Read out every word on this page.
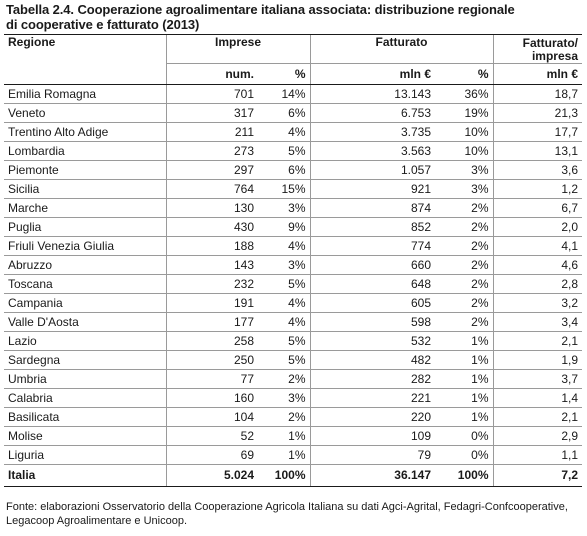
Tabella 2.4. Cooperazione agroalimentare italiana associata: distribuzione regionale
di cooperative e fatturato (2013)
Regione	Imprese		Fatturato		Fatturato/
impresa

	num.	%	mln €	%	mln €
Emilia Romagna	701	14%	13.143	36%	18,7
Veneto	317	6%	6.753	19%	21,3
Trentino Alto Adige	211	4%	3.735	10%	17,7
Lombardia	273	5%	3.563	10%	13,1
Piemonte	297	6%	1.057	3%	3,6
Sicilia	764	15%	921	3%	1,2
Marche	130	3%	874	2%	6,7
Puglia	430	9%	852	2%	2,0
Friuli Venezia Giulia	188	4%	774	2%	4,1
Abruzzo	143	3%	660	2%	4,6
Toscana	232	5%	648	2%	2,8
Campania	191	4%	605	2%	3,2
Valle D'Aosta	177	4%	598	2%	3,4
Lazio	258	5%	532	1%	2,1
Sardegna	250	5%	482	1%	1,9
Umbria	77	2%	282	1%	3,7
Calabria	160	3%	221	1%	1,4
Basilicata	104	2%	220	1%	2,1
Molise	52	1%	109	0%	2,9
Liguria	69	1%	79	0%	1,1
Italia	5.024	100%	36.147	100%	7,2
Fonte: elaborazioni Osservatorio della Cooperazione Agricola Italiana su dati Agci-Agrital, Fedagri-Confcooperative, Legacoop Agroalimentare e Unicoop.
